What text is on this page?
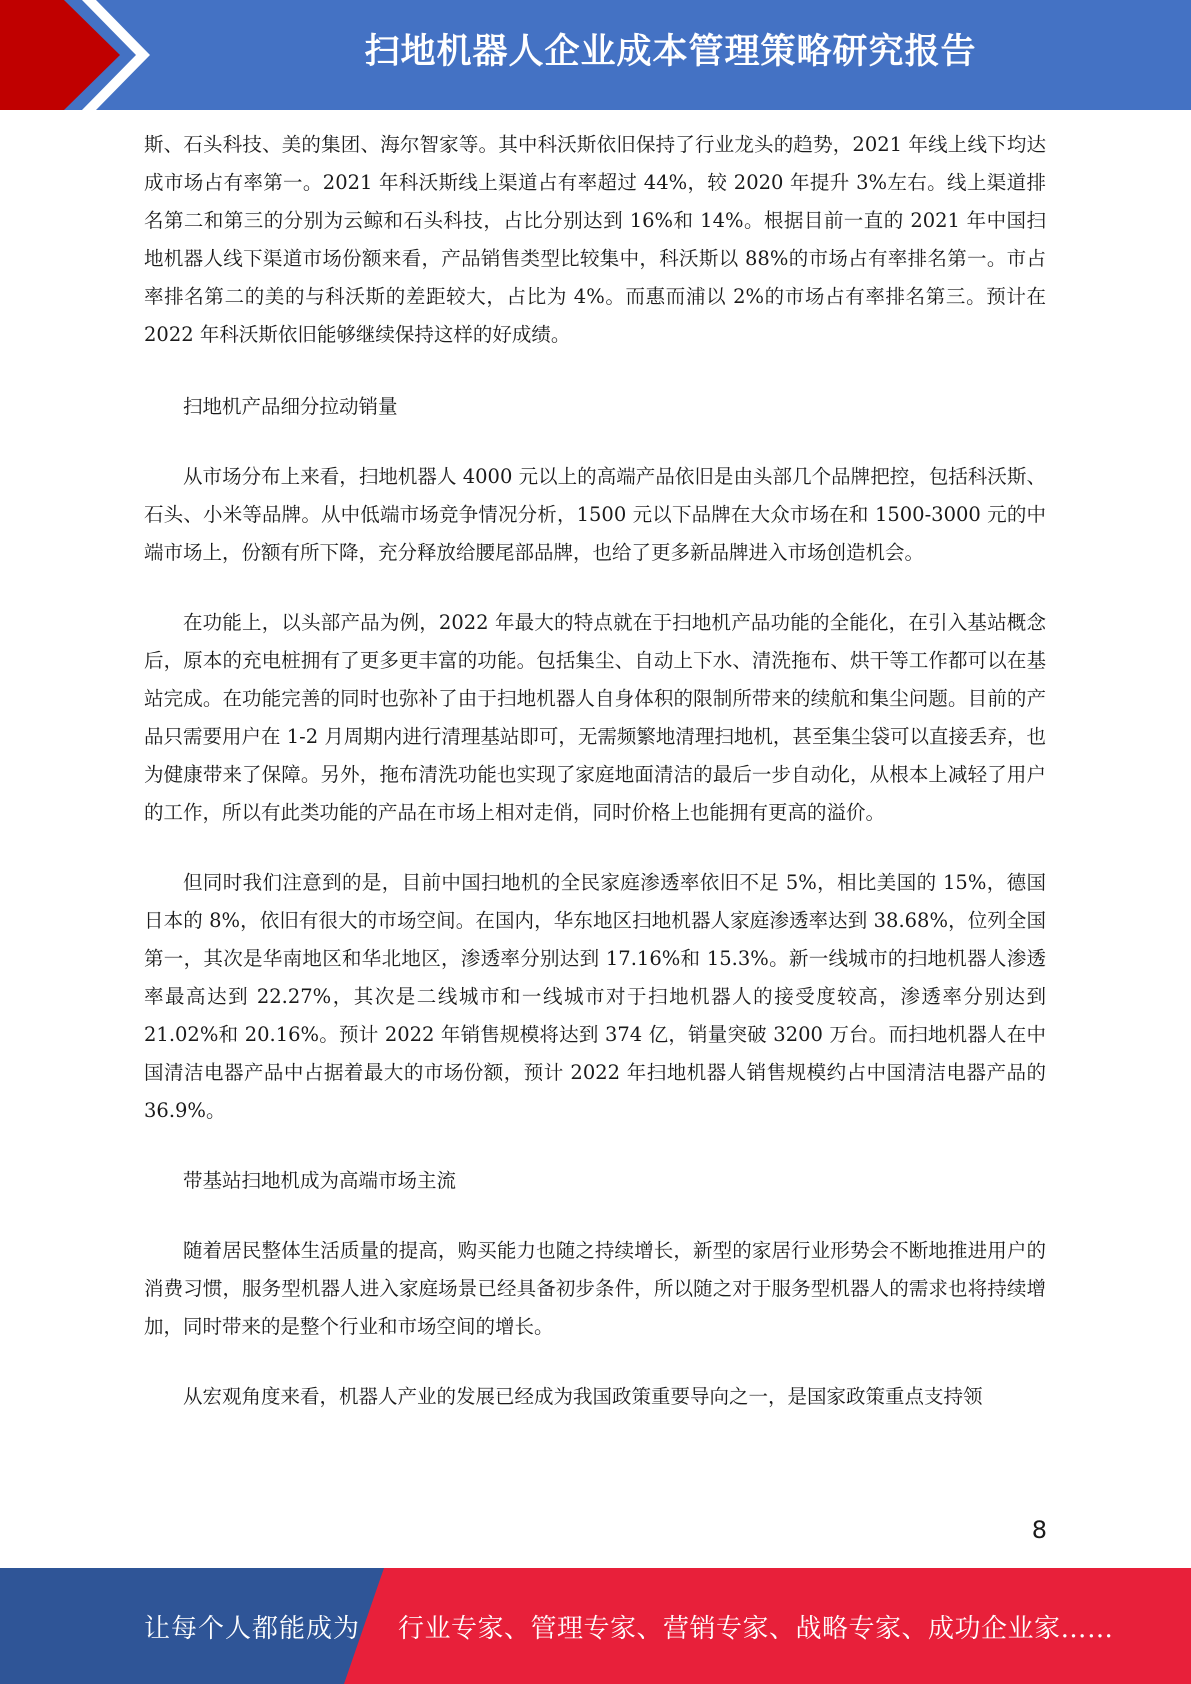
扫地机器人企业成本管理策略研究报告

斯、石头科技、美的集团、海尔智家等。其中科沃斯依旧保持了行业龙头的趋势，2021 年线上线下均达成市场占有率第一。2021 年科沃斯线上渠道占有率超过 44%，较 2020 年提升 3%左右。线上渠道排名第二和第三的分别为云鲸和石头科技，占比分别达到 16%和 14%。根据目前一直的 2021 年中国扫地机器人线下渠道市场份额来看，产品销售类型比较集中，科沃斯以 88%的市场占有率排名第一。市占率排名第二的美的与科沃斯的差距较大，占比为 4%。而惠而浦以 2%的市场占有率排名第三。预计在 2022 年科沃斯依旧能够继续保持这样的好成绩。

扫地机产品细分拉动销量

从市场分布上来看，扫地机器人 4000 元以上的高端产品依旧是由头部几个品牌把控，包括科沃斯、石头、小米等品牌。从中低端市场竞争情况分析，1500 元以下品牌在大众市场在和 1500-3000 元的中端市场上，份额有所下降，充分释放给腰尾部品牌，也给了更多新品牌进入市场创造机会。

在功能上，以头部产品为例，2022 年最大的特点就在于扫地机产品功能的全能化，在引入基站概念后，原本的充电桩拥有了更多更丰富的功能。包括集尘、自动上下水、清洗拖布、烘干等工作都可以在基站完成。在功能完善的同时也弥补了由于扫地机器人自身体积的限制所带来的续航和集尘问题。目前的产品只需要用户在 1-2 月周期内进行清理基站即可，无需频繁地清理扫地机，甚至集尘袋可以直接丢弃，也为健康带来了保障。另外，拖布清洗功能也实现了家庭地面清洁的最后一步自动化，从根本上减轻了用户的工作，所以有此类功能的产品在市场上相对走俏，同时价格上也能拥有更高的溢价。

但同时我们注意到的是，目前中国扫地机的全民家庭渗透率依旧不足 5%，相比美国的 15%，德国日本的 8%，依旧有很大的市场空间。在国内，华东地区扫地机器人家庭渗透率达到 38.68%，位列全国第一，其次是华南地区和华北地区，渗透率分别达到 17.16%和 15.3%。新一线城市的扫地机器人渗透率最高达到 22.27%，其次是二线城市和一线城市对于扫地机器人的接受度较高，渗透率分别达到 21.02%和 20.16%。预计 2022 年销售规模将达到 374 亿，销量突破 3200 万台。而扫地机器人在中国清洁电器产品中占据着最大的市场份额，预计 2022 年扫地机器人销售规模约占中国清洁电器产品的 36.9%。

带基站扫地机成为高端市场主流

随着居民整体生活质量的提高，购买能力也随之持续增长，新型的家居行业形势会不断地推进用户的消费习惯，服务型机器人进入家庭场景已经具备初步条件，所以随之对于服务型机器人的需求也将持续增加，同时带来的是整个行业和市场空间的增长。

从宏观角度来看，机器人产业的发展已经成为我国政策重要导向之一，是国家政策重点支持领

8
让每个人都能成为 行业专家、管理专家、营销专家、战略专家、成功企业家……
